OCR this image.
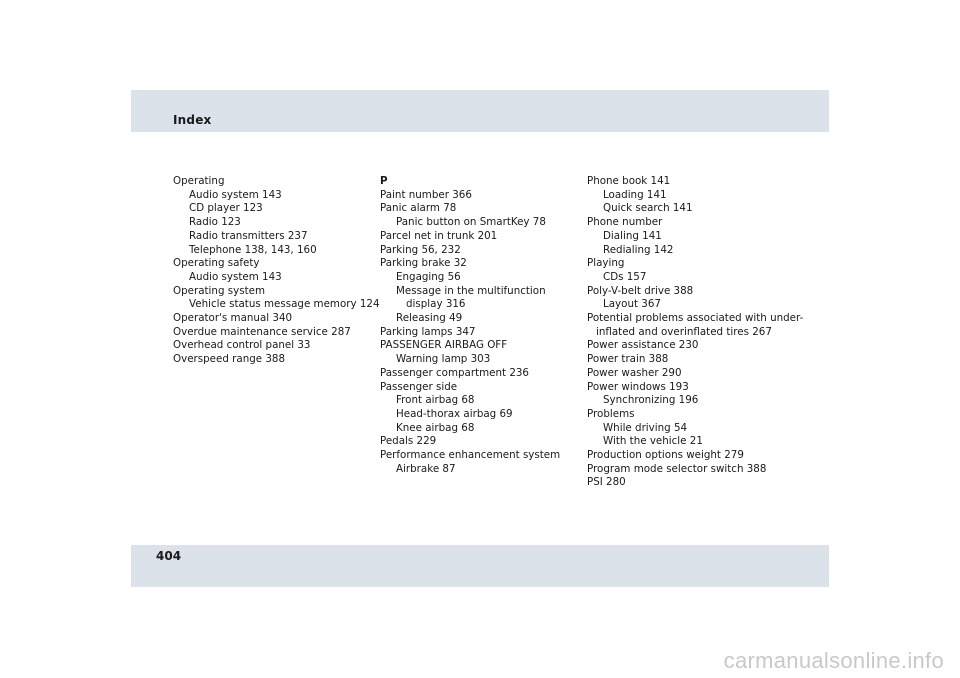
Index
Operating
Audio system 143
CD player 123
Radio 123
Radio transmitters 237
Telephone 138, 143, 160
Operating safety
Audio system 143
Operating system
Vehicle status message memory 124
Operator's manual 340
Overdue maintenance service 287
Overhead control panel 33
Overspeed range 388
P
Paint number 366
Panic alarm 78
Panic button on SmartKey 78
Parcel net in trunk 201
Parking 56, 232
Parking brake 32
Engaging 56
Message in the multifunction
display 316
Releasing 49
Parking lamps 347
PASSENGER AIRBAG OFF
Warning lamp 303
Passenger compartment 236
Passenger side
Front airbag 68
Head-thorax airbag 69
Knee airbag 68
Pedals 229
Performance enhancement system
Airbrake 87
Phone book 141
Loading 141
Quick search 141
Phone number
Dialing 141
Redialing 142
Playing
CDs 157
Poly-V-belt drive 388
Layout 367
Potential problems associated with under-
inflated and overinflated tires 267
Power assistance 230
Power train 388
Power washer 290
Power windows 193
Synchronizing 196
Problems
While driving 54
With the vehicle 21
Production options weight 279
Program mode selector switch 388
PSI 280
404
carmanualsonline.info
